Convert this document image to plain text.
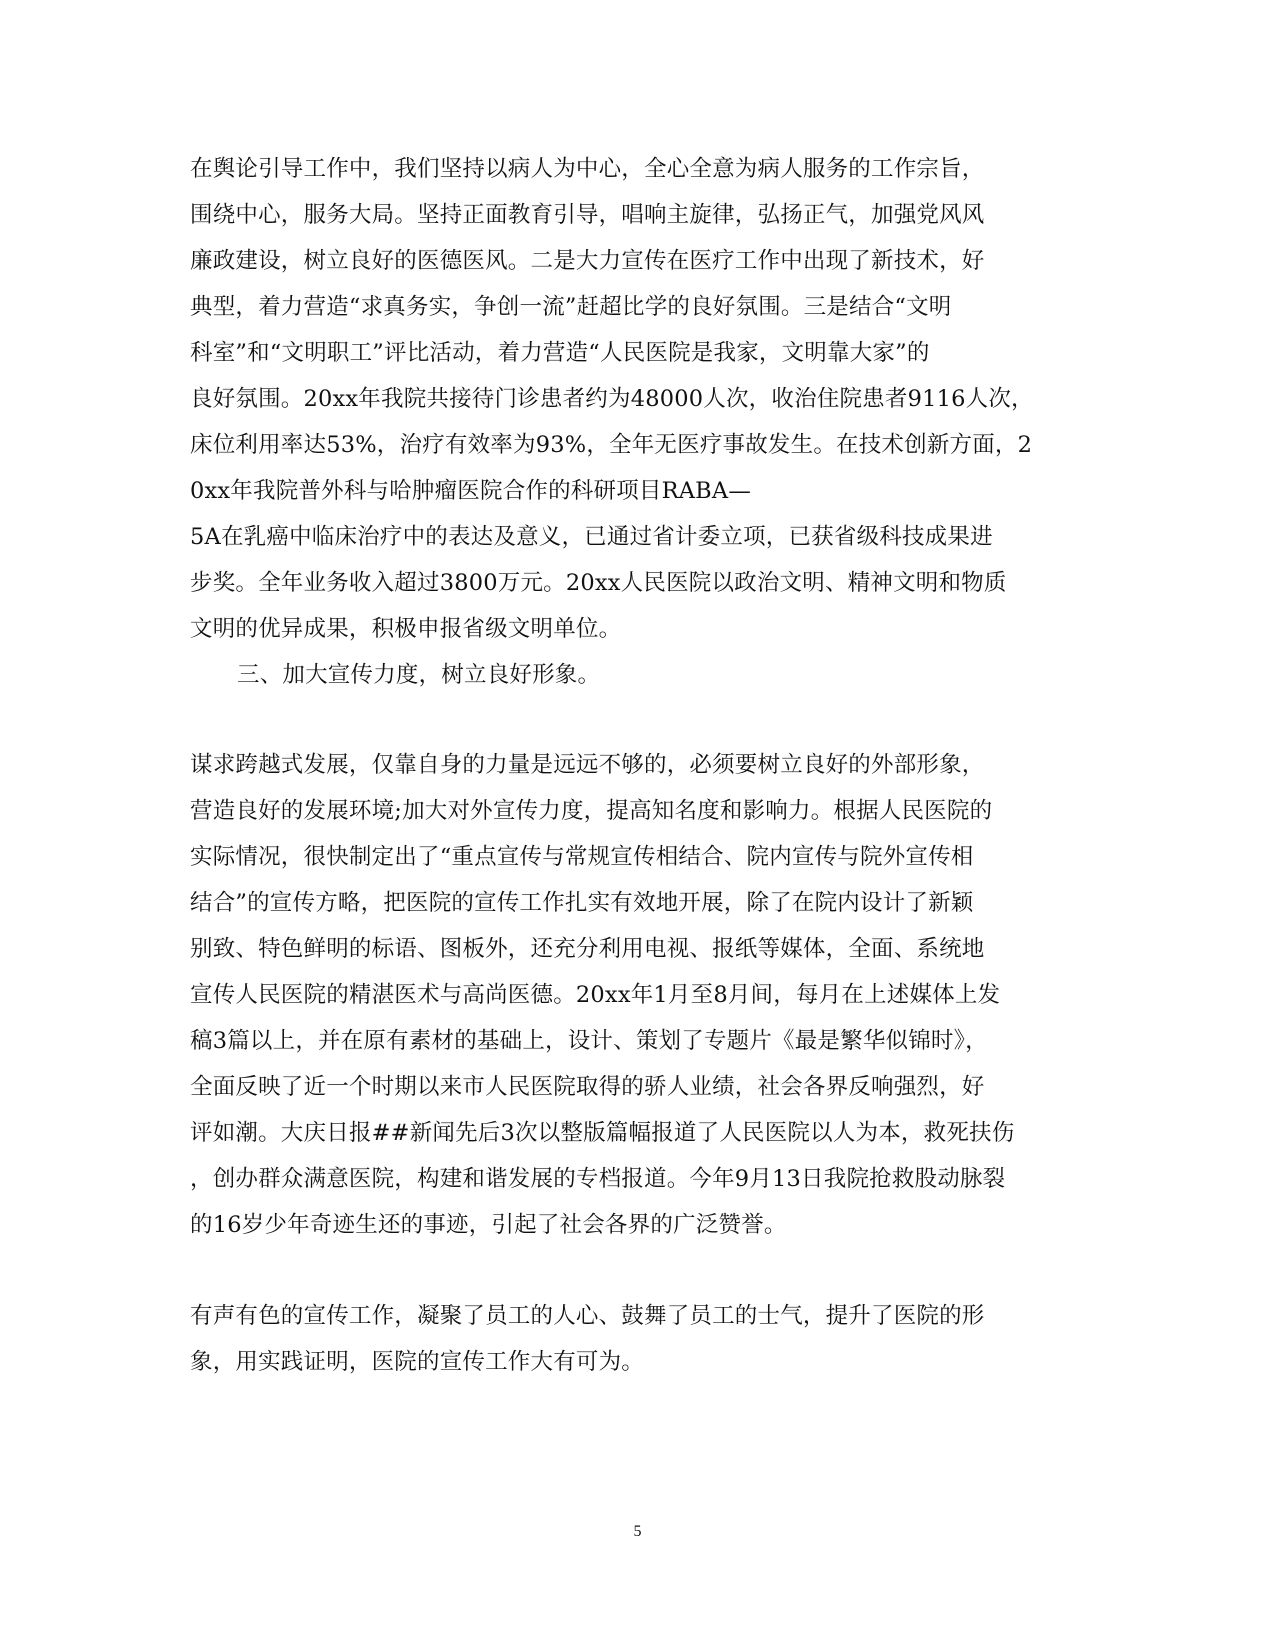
在舆论引导工作中，我们坚持以病人为中心，全心全意为病人服务的工作宗旨，
围绕中心，服务大局。坚持正面教育引导，唱响主旋律，弘扬正气，加强党风风
廉政建设，树立良好的医德医风。二是大力宣传在医疗工作中出现了新技术，好
典型，着力营造“求真务实，争创一流”赶超比学的良好氛围。三是结合“文明
科室”和“文明职工”评比活动，着力营造“人民医院是我家，文明靠大家”的
良好氛围。20xx年我院共接待门诊患者约为48000人次，收治住院患者9116人次，
床位利用率达53%，治疗有效率为93%，全年无医疗事故发生。在技术创新方面，2
0xx年我院普外科与哈肿瘤医院合作的科研项目RABA—
5A在乳癌中临床治疗中的表达及意义，已通过省计委立项，已获省级科技成果进
步奖。全年业务收入超过3800万元。20xx人民医院以政治文明、精神文明和物质
文明的优异成果，积极申报省级文明单位。
三、加大宣传力度，树立良好形象。
谋求跨越式发展，仅靠自身的力量是远远不够的，必须要树立良好的外部形象，
营造良好的发展环境;加大对外宣传力度，提高知名度和影响力。根据人民医院的
实际情况，很快制定出了“重点宣传与常规宣传相结合、院内宣传与院外宣传相
结合”的宣传方略，把医院的宣传工作扎实有效地开展，除了在院内设计了新颖
别致、特色鲜明的标语、图板外，还充分利用电视、报纸等媒体，全面、系统地
宣传人民医院的精湛医术与高尚医德。20xx年1月至8月间，每月在上述媒体上发
稿3篇以上，并在原有素材的基础上，设计、策划了专题片《最是繁华似锦时》，
全面反映了近一个时期以来市人民医院取得的骄人业绩，社会各界反响强烈，好
评如潮。大庆日报##新闻先后3次以整版篇幅报道了人民医院以人为本，救死扶伤
，创办群众满意医院，构建和谐发展的专档报道。今年9月13日我院抢救股动脉裂
的16岁少年奇迹生还的事迹，引起了社会各界的广泛赞誉。
有声有色的宣传工作，凝聚了员工的人心、鼓舞了员工的士气，提升了医院的形
象，用实践证明，医院的宣传工作大有可为。
5
